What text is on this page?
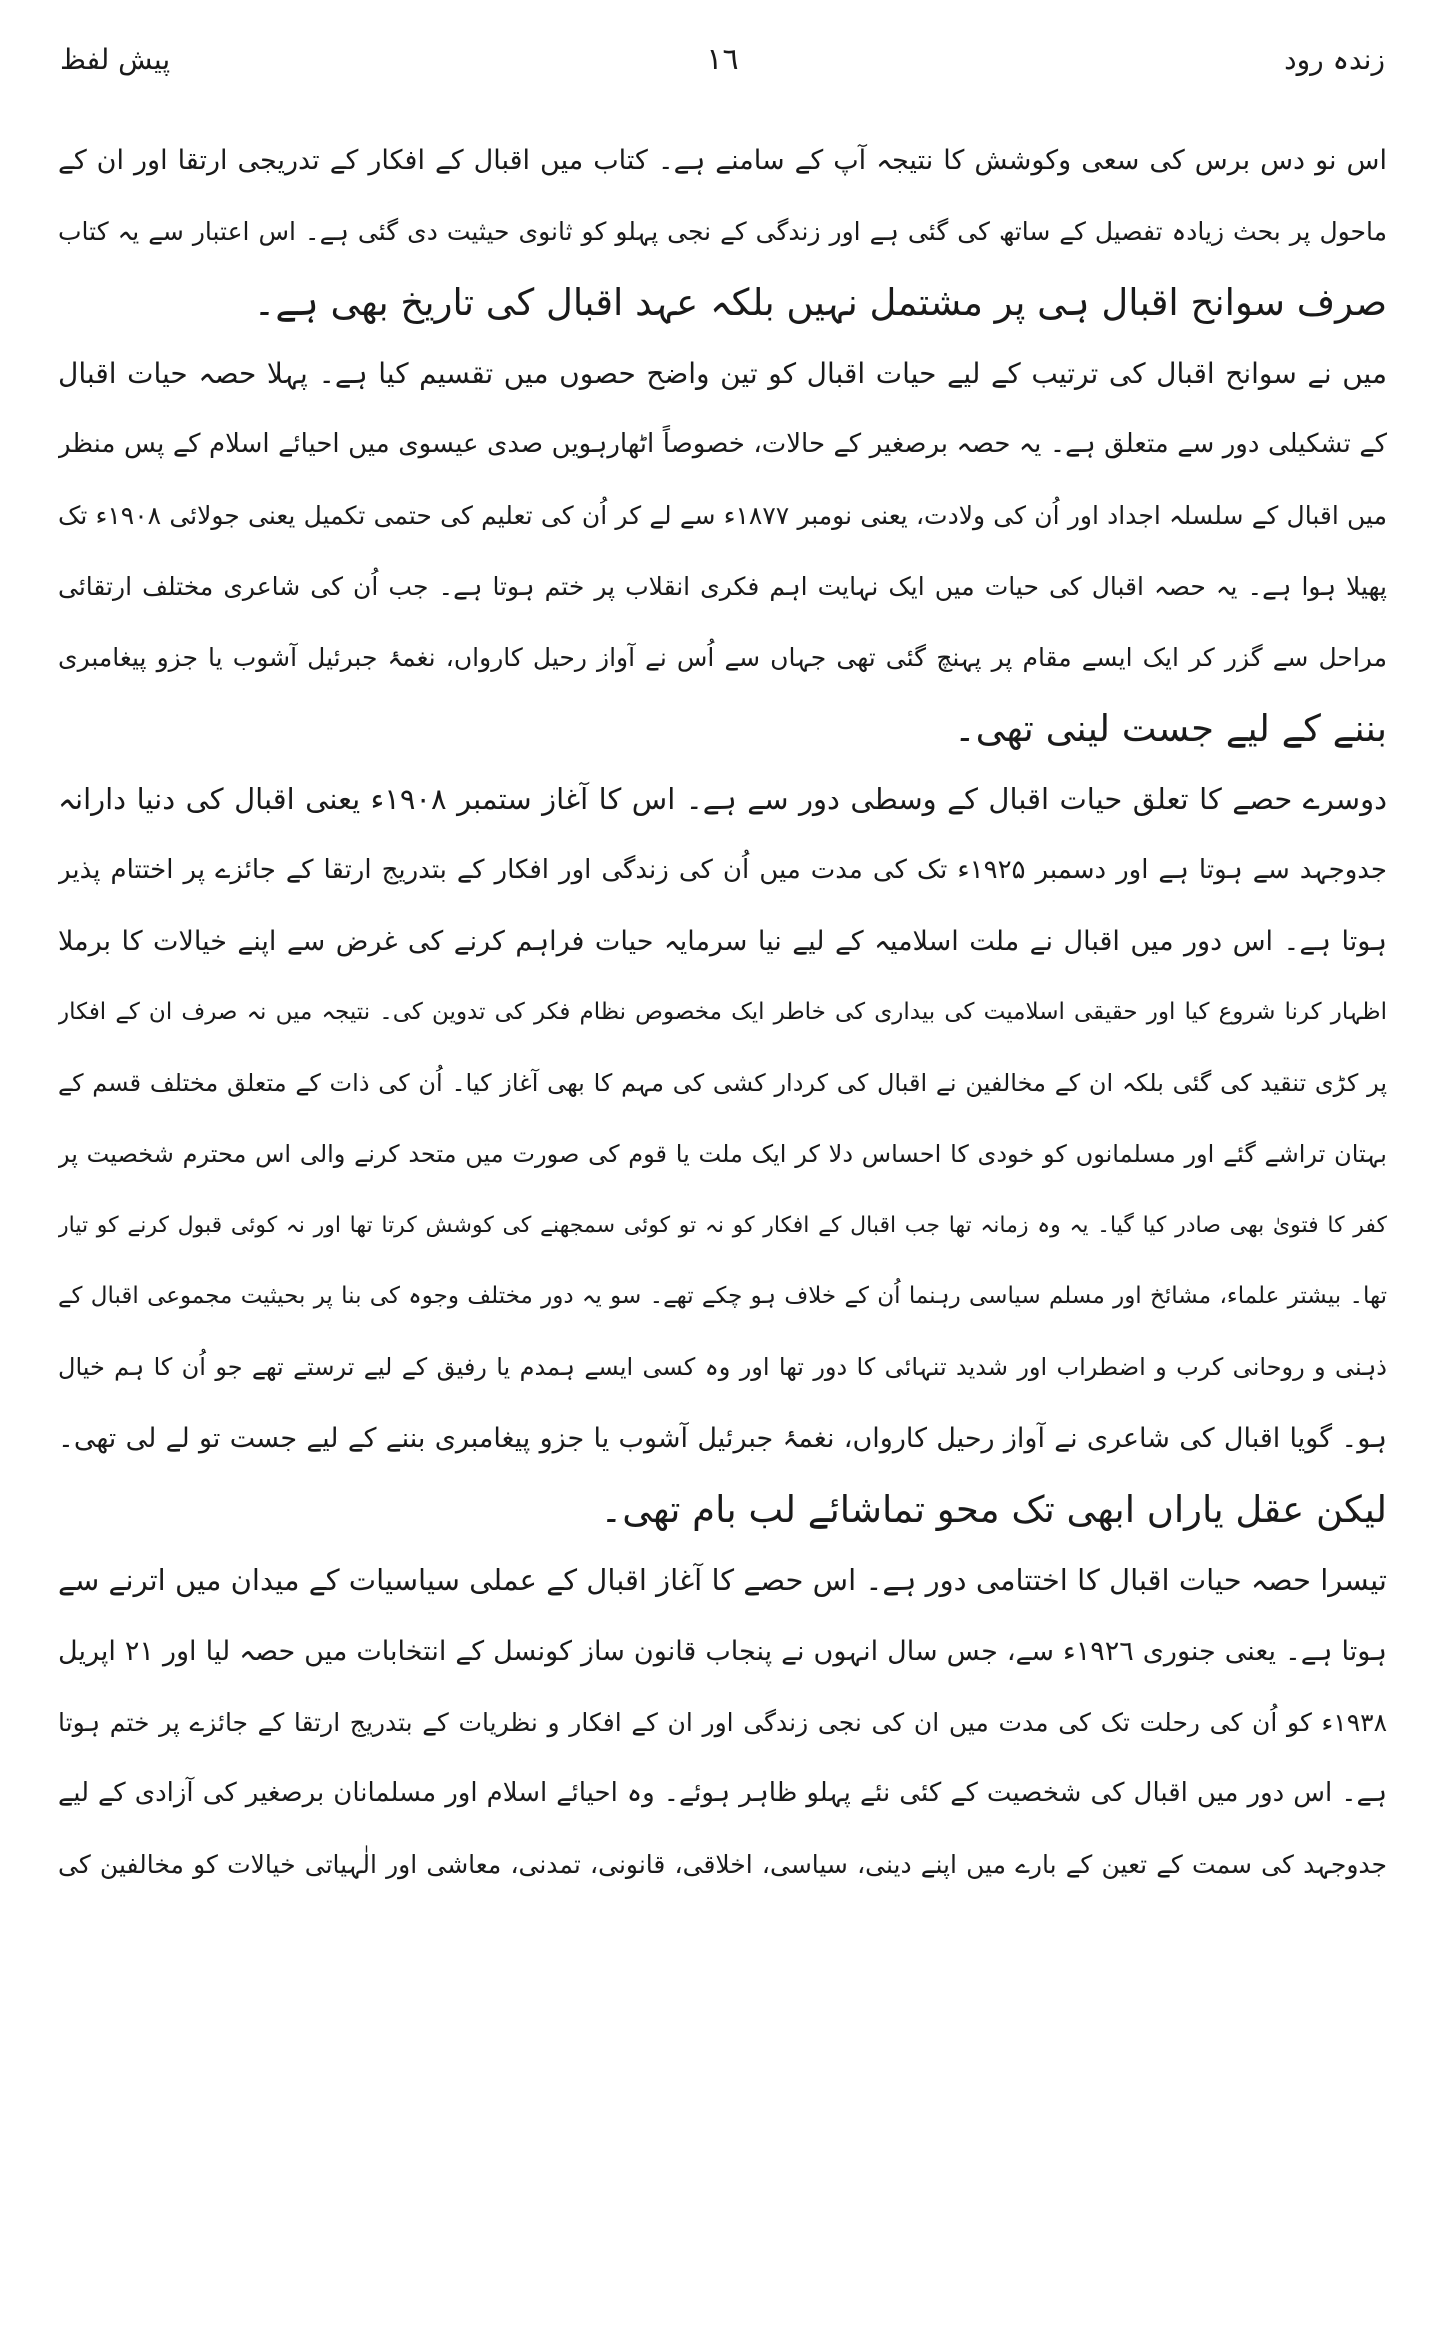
زندہ رود
۱٦
پیش لفظ
اس نو دس برس کی سعی وکوشش کا نتیجہ آپ کے سامنے ہے۔ کتاب میں اقبال کے افکار کے تدریجی ارتقا اور ان کے
ماحول پر بحث زیادہ تفصیل کے ساتھ کی گئی ہے اور زندگی کے نجی پہلو کو ثانوی حیثیت دی گئی ہے۔ اس اعتبار سے یہ کتاب
صرف سوانح اقبال ہی پر مشتمل نہیں بلکہ عہد اقبال کی تاریخ بھی ہے۔
میں نے سوانح اقبال کی ترتیب کے لیے حیات اقبال کو تین واضح حصوں میں تقسیم کیا ہے۔ پہلا حصہ حیات اقبال
کے تشکیلی دور سے متعلق ہے۔ یہ حصہ برصغیر کے حالات، خصوصاً اٹھارہویں صدی عیسوی میں احیائے اسلام کے پس منظر
میں اقبال کے سلسلہ اجداد اور اُن کی ولادت، یعنی نومبر ۱۸۷۷ء سے لے کر اُن کی تعلیم کی حتمی تکمیل یعنی جولائی ۱۹۰۸ء تک
پھیلا ہوا ہے۔ یہ حصہ اقبال کی حیات میں ایک نہایت اہم فکری انقلاب پر ختم ہوتا ہے۔ جب اُن کی شاعری مختلف ارتقائی
مراحل سے گزر کر ایک ایسے مقام پر پہنچ گئی تھی جہاں سے اُس نے آواز رحیل کارواں، نغمۂ جبرئیل آشوب یا جزو پیغامبری
بننے کے لیے جست لینی تھی۔
دوسرے حصے کا تعلق حیات اقبال کے وسطی دور سے ہے۔ اس کا آغاز ستمبر ۱۹۰۸ء یعنی اقبال کی دنیا دارانہ
جدوجہد سے ہوتا ہے اور دسمبر ۱۹۲۵ء تک کی مدت میں اُن کی زندگی اور افکار کے بتدریج ارتقا کے جائزے پر اختتام پذیر
ہوتا ہے۔ اس دور میں اقبال نے ملت اسلامیہ کے لیے نیا سرمایہ حیات فراہم کرنے کی غرض سے اپنے خیالات کا برملا
اظہار کرنا شروع کیا اور حقیقی اسلامیت کی بیداری کی خاطر ایک مخصوص نظام فکر کی تدوین کی۔ نتیجہ میں نہ صرف ان کے افکار
پر کڑی تنقید کی گئی بلکہ ان کے مخالفین نے اقبال کی کردار کشی کی مہم کا بھی آغاز کیا۔ اُن کی ذات کے متعلق مختلف قسم کے
بہتان تراشے گئے اور مسلمانوں کو خودی کا احساس دلا کر ایک ملت یا قوم کی صورت میں متحد کرنے والی اس محترم شخصیت پر
کفر کا فتویٰ بھی صادر کیا گیا۔ یہ وہ زمانہ تھا جب اقبال کے افکار کو نہ تو کوئی سمجھنے کی کوشش کرتا تھا اور نہ کوئی قبول کرنے کو تیار
تھا۔ بیشتر علماء، مشائخ اور مسلم سیاسی رہنما اُن کے خلاف ہو چکے تھے۔ سو یہ دور مختلف وجوہ کی بنا پر بحیثیت مجموعی اقبال کے
ذہنی و روحانی کرب و اضطراب اور شدید تنہائی کا دور تھا اور وہ کسی ایسے ہمدم یا رفیق کے لیے ترستے تھے جو اُن کا ہم خیال
ہو۔ گویا اقبال کی شاعری نے آواز رحیل کارواں، نغمۂ جبرئیل آشوب یا جزو پیغامبری بننے کے لیے جست تو لے لی تھی۔
لیکن عقل یاراں ابھی تک محو تماشائے لب بام تھی۔
تیسرا حصہ حیات اقبال کا اختتامی دور ہے۔ اس حصے کا آغاز اقبال کے عملی سیاسیات کے میدان میں اترنے سے
ہوتا ہے۔ یعنی جنوری ۱۹۲٦ء سے، جس سال انہوں نے پنجاب قانون ساز کونسل کے انتخابات میں حصہ لیا اور ۲۱ اپریل
۱۹۳۸ء کو اُن کی رحلت تک کی مدت میں ان کی نجی زندگی اور ان کے افکار و نظریات کے بتدریج ارتقا کے جائزے پر ختم ہوتا
ہے۔ اس دور میں اقبال کی شخصیت کے کئی نئے پہلو ظاہر ہوئے۔ وہ احیائے اسلام اور مسلمانان برصغیر کی آزادی کے لیے
جدوجہد کی سمت کے تعین کے بارے میں اپنے دینی، سیاسی، اخلاقی، قانونی، تمدنی، معاشی اور الٰہیاتی خیالات کو مخالفین کی
